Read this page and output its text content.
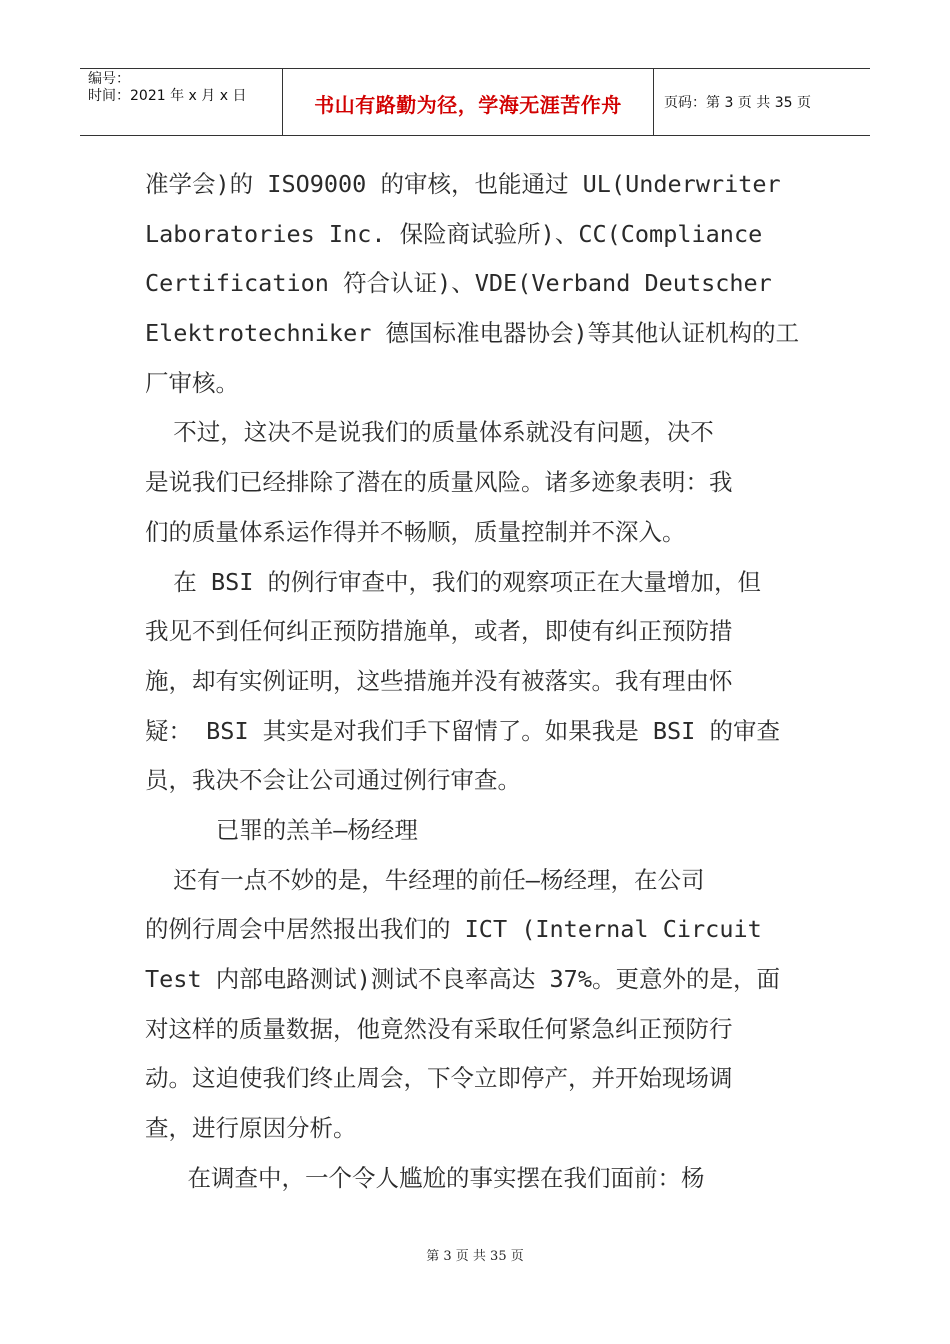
编号：
时间：2021 年 x 月 x 日	书山有路勤为径，学海无涯苦作舟	页码：第 3 页 共 35 页
准学会)的 ISO9000 的审核，也能通过 UL(Underwriter
Laboratories Inc. 保险商试验所)、CC(Compliance
Certification 符合认证)、VDE(Verband Deutscher
Elektrotechniker 德国标准电器协会)等其他认证机构的工
厂审核。
不过，这决不是说我们的质量体系就没有问题，决不
是说我们已经排除了潜在的质量风险。诸多迹象表明：我
们的质量体系运作得并不畅顺，质量控制并不深入。
在 BSI 的例行审查中，我们的观察项正在大量增加，但
我见不到任何纠正预防措施单，或者，即使有纠正预防措
施，却有实例证明，这些措施并没有被落实。我有理由怀
疑： BSI 其实是对我们手下留情了。如果我是 BSI 的审查
员，我决不会让公司通过例行审查。
已罪的羔羊—杨经理
还有一点不妙的是，牛经理的前任—杨经理，在公司
的例行周会中居然报出我们的 ICT (Internal Circuit
Test 内部电路测试)测试不良率高达 37%。更意外的是，面
对这样的质量数据，他竟然没有采取任何紧急纠正预防行
动。这迫使我们终止周会，下令立即停产，并开始现场调
查，进行原因分析。
在调查中，一个令人尴尬的事实摆在我们面前：杨
第 3 页 共 35 页
